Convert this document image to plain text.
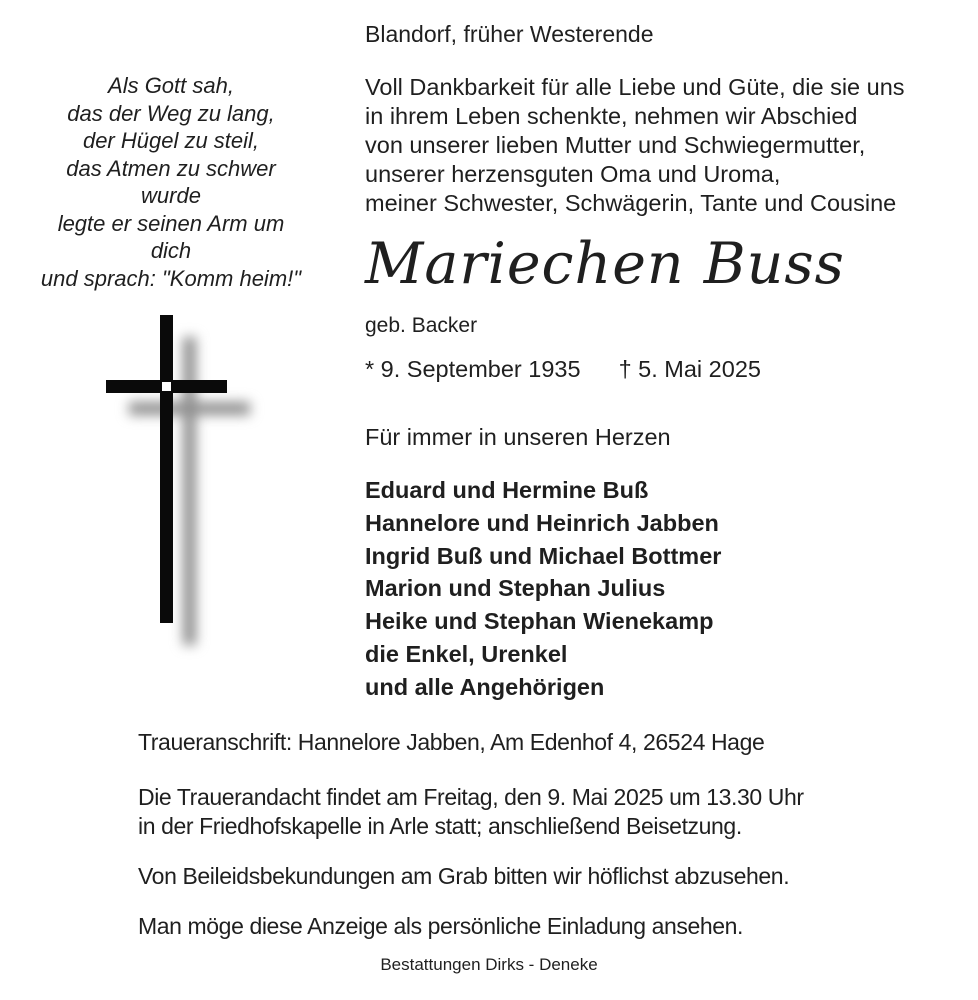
Blandorf, früher Westerende
Als Gott sah,
das der Weg zu lang,
der Hügel zu steil,
das Atmen zu schwer wurde
legte er seinen Arm um dich
und sprach: "Komm heim!"
Voll Dankbarkeit für alle Liebe und Güte, die sie uns
in ihrem Leben schenkte, nehmen wir Abschied
von unserer lieben Mutter und Schwiegermutter,
unserer herzensguten Oma und Uroma,
meiner Schwester, Schwägerin, Tante und Cousine
Mariechen Buss
geb. Backer
* 9. September 1935 † 5. Mai 2025
Für immer in unseren Herzen
Eduard und Hermine Buß
Hannelore und Heinrich Jabben
Ingrid Buß und Michael Bottmer
Marion und Stephan Julius
Heike und Stephan Wienekamp
die Enkel, Urenkel
und alle Angehörigen
Traueranschrift: Hannelore Jabben, Am Edenhof 4, 26524 Hage
Die Trauerandacht findet am Freitag, den 9. Mai 2025 um 13.30 Uhr
in der Friedhofskapelle in Arle statt; anschließend Beisetzung.
Von Beileidsbekundungen am Grab bitten wir höflichst abzusehen.
Man möge diese Anzeige als persönliche Einladung ansehen.
Bestattungen Dirks - Deneke
